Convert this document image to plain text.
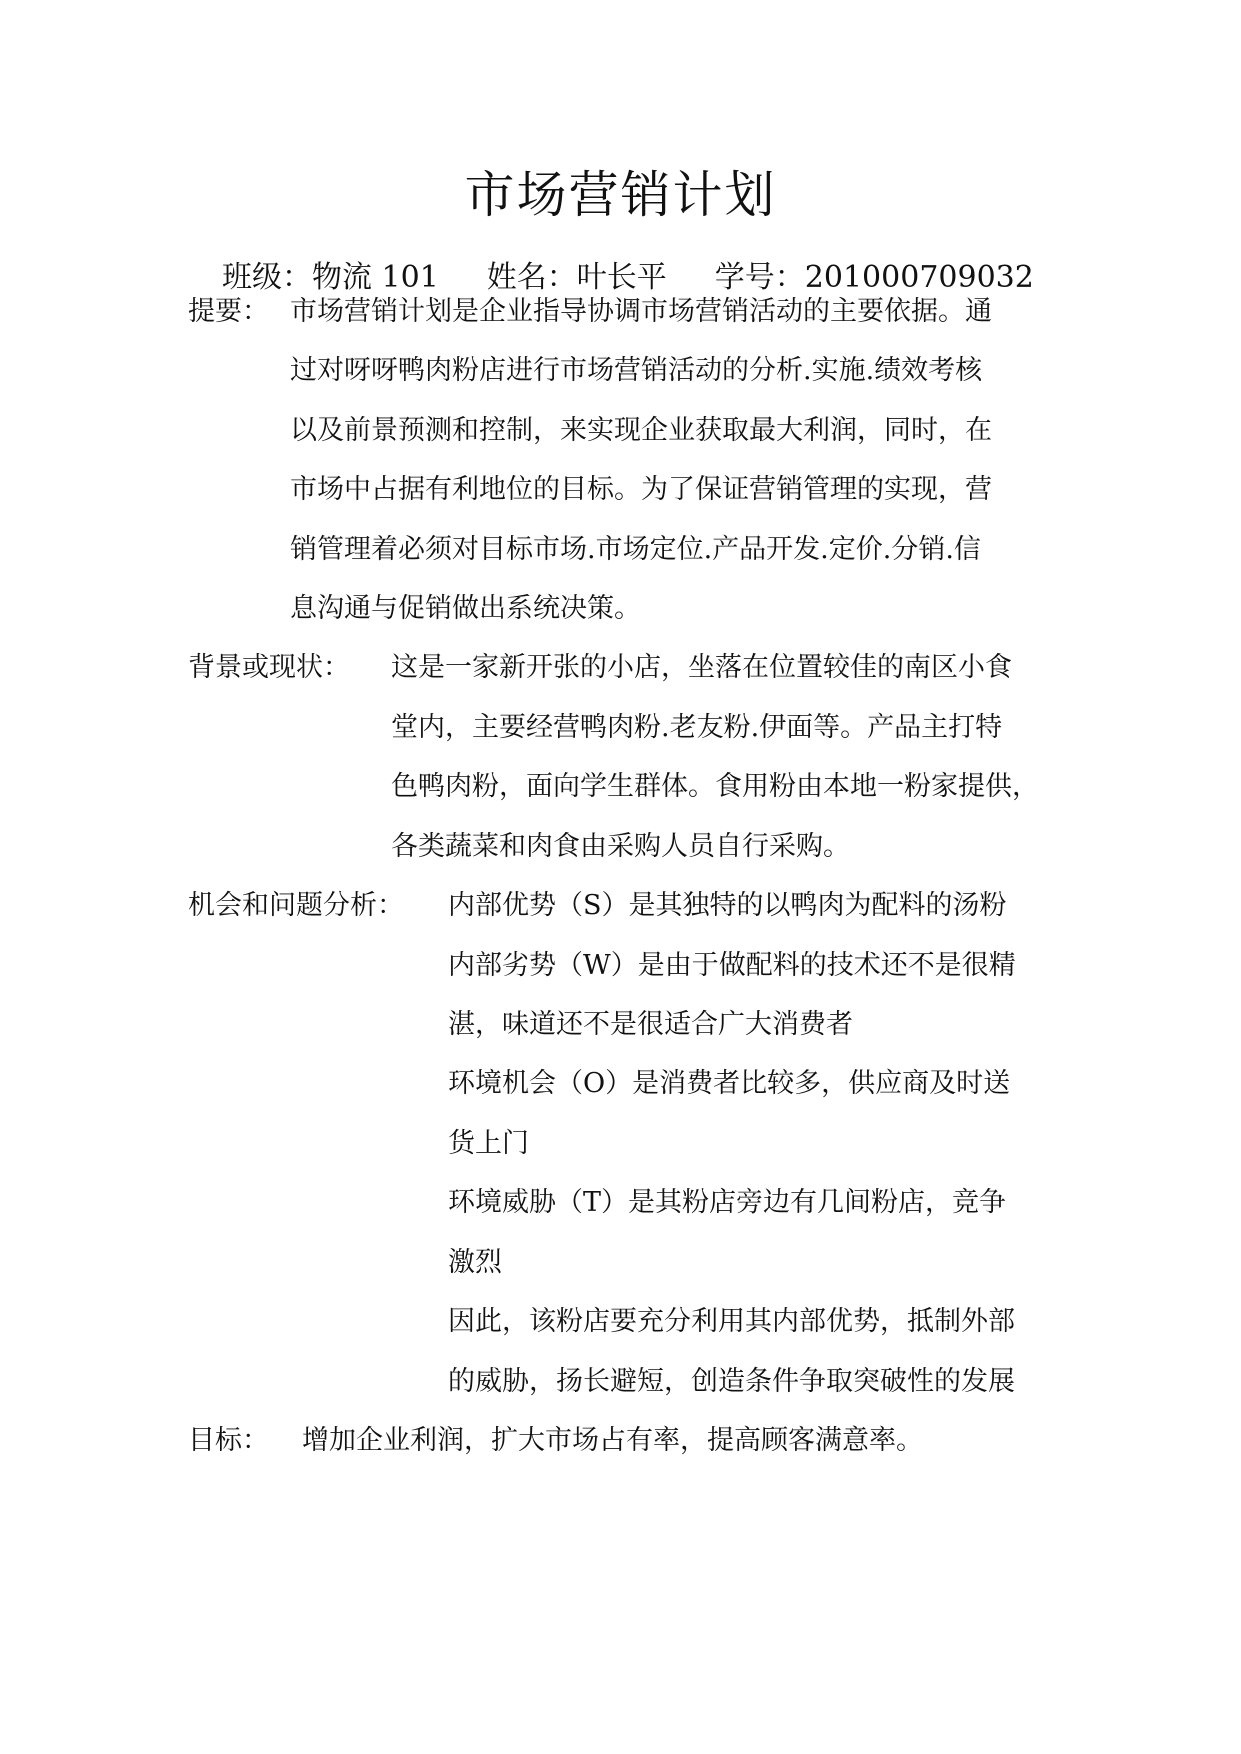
市场营销计划
班级：物流 101 姓名：叶长平 学号：201000709032
提要： 市场营销计划是企业指导协调市场营销活动的主要依据。通
过对呀呀鸭肉粉店进行市场营销活动的分析.实施.绩效考核
以及前景预测和控制，来实现企业获取最大利润，同时，在
市场中占据有利地位的目标。为了保证营销管理的实现，营
销管理着必须对目标市场.市场定位.产品开发.定价.分销.信
息沟通与促销做出系统决策。
背景或现状： 这是一家新开张的小店，坐落在位置较佳的南区小食
堂内，主要经营鸭肉粉.老友粉.伊面等。产品主打特
色鸭肉粉，面向学生群体。食用粉由本地一粉家提供，
各类蔬菜和肉食由采购人员自行采购。
机会和问题分析： 内部优势（S）是其独特的以鸭肉为配料的汤粉
内部劣势（W）是由于做配料的技术还不是很精
湛，味道还不是很适合广大消费者
环境机会（O）是消费者比较多，供应商及时送
货上门
环境威胁（T）是其粉店旁边有几间粉店，竞争
激烈
因此，该粉店要充分利用其内部优势，抵制外部
的威胁，扬长避短，创造条件争取突破性的发展
目标： 增加企业利润，扩大市场占有率，提高顾客满意率。
